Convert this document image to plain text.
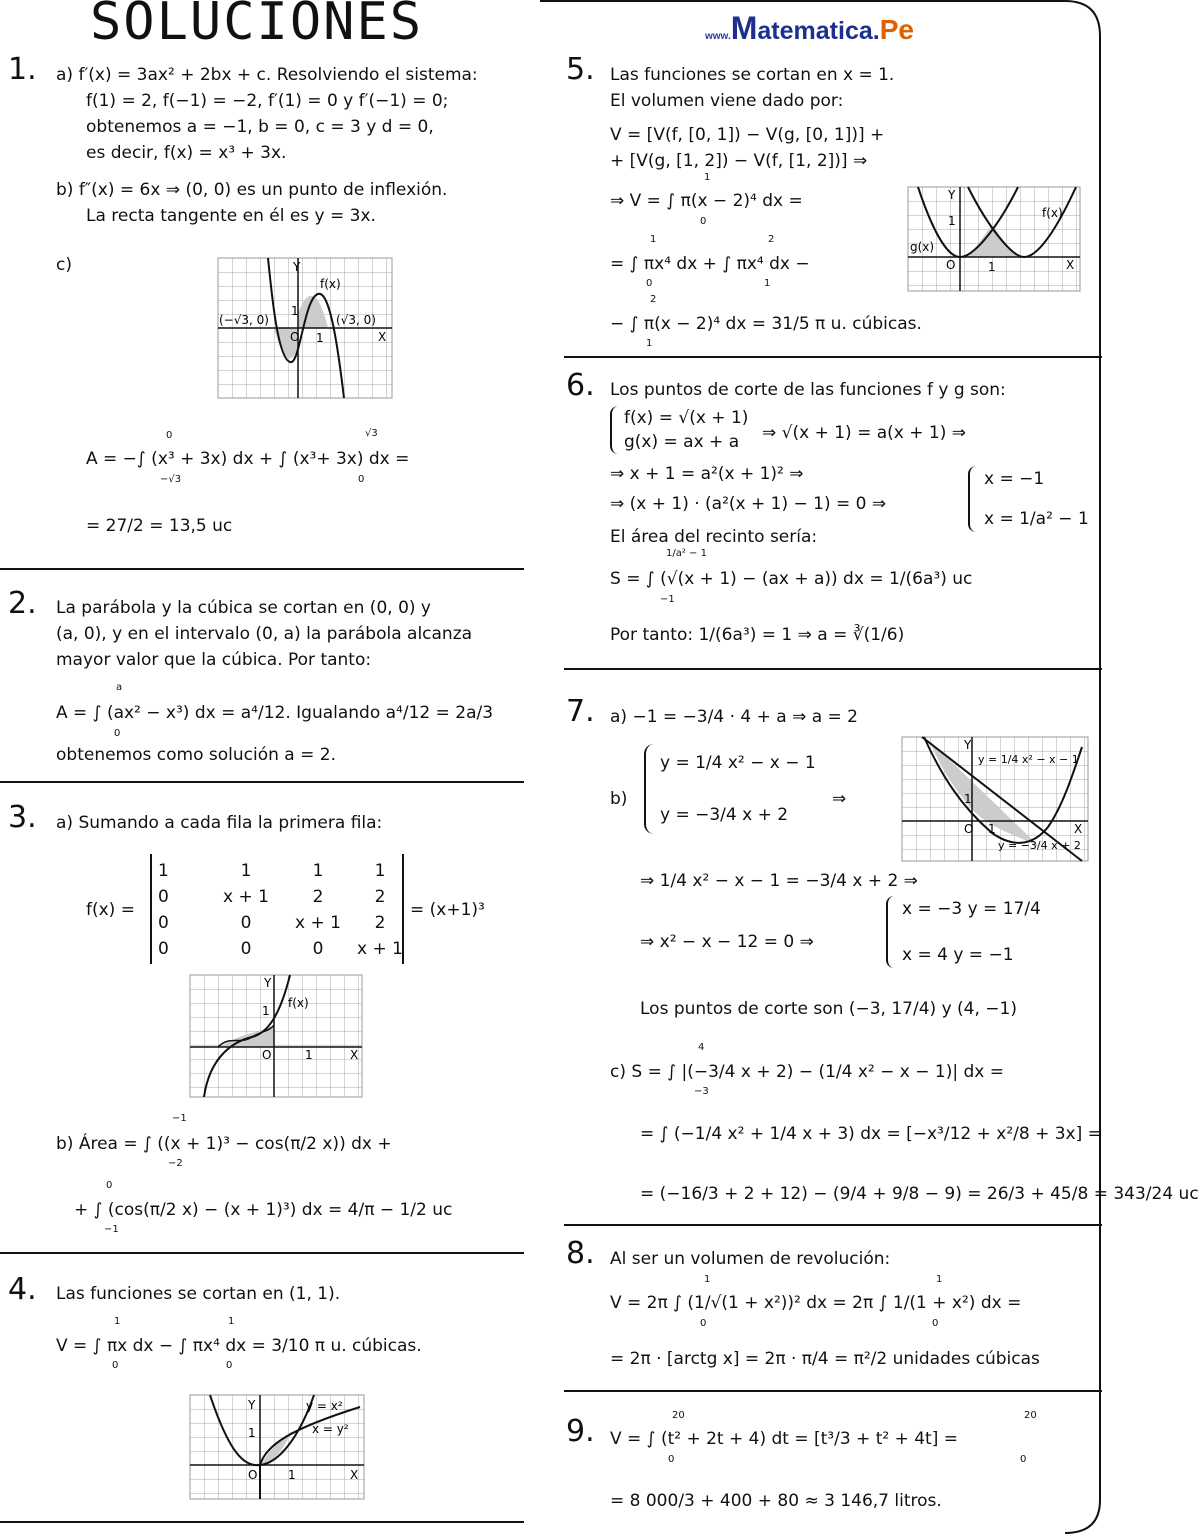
SOLUCIONES	www.Matematica.Pe
1. a) f′(x) = 3ax² + 2bx + c. Resolviendo el sistema:
f(1) = 2, f(−1) = −2, f′(1) = 0 y f′(−1) = 0;
obtenemos a = −1, b = 0, c = 3 y d = 0,
es decir, f(x) = x³ + 3x.
b) f″(x) = 6x ⇒ (0, 0) es un punto de inflexión.
La recta tangente en él es y = 3x.
c)	Y
X
f(x)
1
1
O
(−√3, 0)	(√3, 0)
A = −∫ (x³ + 3x) dx + ∫ (x³+ 3x) dx =
0
−√3
√3
0
= 27/2 = 13,5 uc
2. La parábola y la cúbica se cortan en (0, 0) y
(a, 0), y en el intervalo (0, a) la parábola alcanza
mayor valor que la cúbica. Por tanto:
A = ∫ (ax² − x³) dx = a⁴/12. Igualando a⁴/12 = 2a/3
a
0
obtenemos como solución a = 2.
3. a) Sumando a cada fila la primera fila:
f(x) =
1	1	1	1
0	x + 1	2	2
0	0	x + 1	2
0	0	0	x + 1
= (x+1)³
Y
X
f(x)
1
1
O
b) Área = ∫ ((x + 1)³ − cos(π/2 x)) dx +
−1
−2
+ ∫ (cos(π/2 x) − (x + 1)³) dx = 4/π − 1/2 uc
0
−1
4. Las funciones se cortan en (1, 1).
V = ∫ πx dx − ∫ πx⁴ dx = 3/10 π u. cúbicas.
1
0
1
0
Y
X
1
1
O
y = x²
x = y²
5. Las funciones se cortan en x = 1.
El volumen viene dado por:
V = [V(f, [0, 1]) − V(g, [0, 1])] +
+ [V(g, [1, 2]) − V(f, [1, 2])] ⇒
⇒ V = ∫ π(x − 2)⁴ dx =
1
0
= ∫ πx⁴ dx + ∫ πx⁴ dx −
1
0
2
1
− ∫ π(x − 2)⁴ dx = 31/5 π u. cúbicas.
2
1
Y
X
1
1
O
f(x)
g(x)
6. Los puntos de corte de las funciones f y g son:
f(x) = √(x + 1)
g(x) = ax + a	⇒ √(x + 1) = a(x + 1) ⇒
⇒ x + 1 = a²(x + 1)² ⇒
⇒ (x + 1) · (a²(x + 1) − 1) = 0 ⇒
x = −1
x = 1/a² − 1
El área del recinto sería:
S = ∫ (√(x + 1) − (ax + a)) dx = 1/(6a³) uc
1/a² − 1
−1
Por tanto: 1/(6a³) = 1 ⇒ a = ∛(1/6)
7. a) −1 = −3/4 · 4 + a ⇒ a = 2
b)
y = 1/4 x² − x − 1
y = −3/4 x + 2
⇒
⇒ 1/4 x² − x − 1 = −3/4 x + 2 ⇒
⇒ x² − x − 12 = 0 ⇒
x = −3 y = 17/4
x = 4 y = −1
Los puntos de corte son (−3, 17/4) y (4, −1)
c) S = ∫ |(−3/4 x + 2) − (1/4 x² − x − 1)| dx =
4
−3
= ∫ (−1/4 x² + 1/4 x + 3) dx = [−x³/12 + x²/8 + 3x] =
= (−16/3 + 2 + 12) − (9/4 + 9/8 − 9) = 26/3 + 45/8 = 343/24 uc
Y
X
1
1
O
y = 1/4 x² − x − 1
y = −3/4 x + 2
8. Al ser un volumen de revolución:
V = 2π ∫ (1/√(1 + x²))² dx = 2π ∫ 1/(1 + x²) dx =
1
0
1
0
= 2π · [arctg x] = 2π · π/4 = π²/2 unidades cúbicas
9. V = ∫ (t² + 2t + 4) dt = [t³/3 + t² + 4t] =
20
0
20
0
= 8 000/3 + 400 + 80 ≈ 3 146,7 litros.
